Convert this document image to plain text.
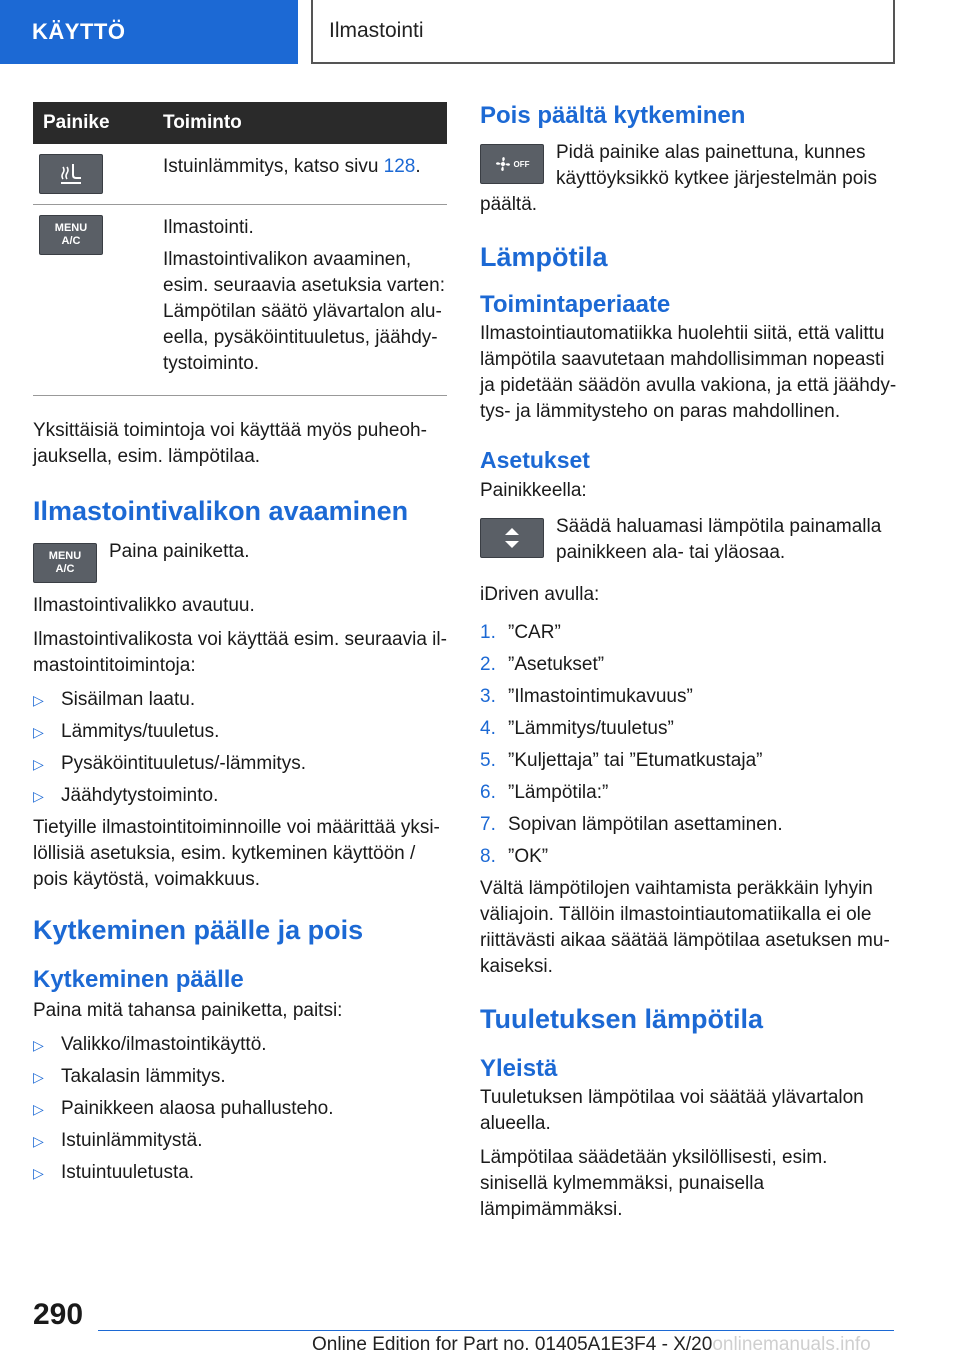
KÄYTTÖ	Ilmastointi
Painike	Toiminto

Istuinlämmitys, katso sivu 128.

MENU
A/C

Ilmastointi.

Ilmastointivalikon avaaminen, esim. seuraavia asetuksia varten: Lämpötilan säätö ylävartalon alueella, pysäköintituuletus, jäähdytystoiminto.

Yksittäisiä toimintoja voi käyttää myös puheohjauksella, esim. lämpötilaa.

Ilmastointivalikon avaaminen
MENU
A/C

Paina painiketta.

Ilmastointivalikko avautuu.

Ilmastointivalikosta voi käyttää esim. seuraavia ilmastointitoimintoja:

▷ Sisäilman laatu.
▷ Lämmitys/tuuletus.
▷ Pysäköintituuletus/-lämmitys.
▷ Jäähdytystoiminto.

Tietyille ilmastointitoiminnoille voi määrittää yksilöllisiä asetuksia, esim. kytkeminen käyttöön / pois käytöstä, voimakkuus.

Kytkeminen päälle ja pois
Kytkeminen päälle

Paina mitä tahansa painiketta, paitsi:

▷ Valikko/ilmastointikäyttö.
▷ Takalasin lämmitys.
▷ Painikkeen alaosa puhallusteho.
▷ Istuinlämmitystä.
▷ Istuintuuletusta.
Pois päältä kytkeminen
OFF

Pidä painike alas painettuna, kunnes käyttöyksikkö kytkee järjestelmän pois päältä.

Lämpötila
Toimintaperiaate

Ilmastointiautomatiikka huolehtii siitä, että valittu lämpötila saavutetaan mahdollisimman nopeasti ja pidetään säädön avulla vakiona, ja että jäähdytys- ja lämmitysteho on paras mahdollinen.

Asetukset

Painikkeella:

Säädä haluamasi lämpötila painamalla painikkeen ala- tai yläosaa.

iDriven avulla:

1. ”CAR”
2. ”Asetukset”
3. ”Ilmastointimukavuus”
4. ”Lämmitys/tuuletus”
5. ”Kuljettaja” tai ”Etumatkustaja”
6. ”Lämpötila:”
7. Sopivan lämpötilan asettaminen.
8. ”OK”

Vältä lämpötilojen vaihtamista peräkkäin lyhyin väliajoin. Tällöin ilmastointiautomatiikalla ei ole riittävästi aikaa säätää lämpötilaa asetuksen mukaiseksi.

Tuuletuksen lämpötila
Yleistä

Tuuletuksen lämpötilaa voi säätää ylävartalon alueella.

Lämpötilaa säädetään yksilöllisesti, esim. sinisellä kylmemmäksi, punaisella lämpimämmäksi.

290
Online Edition for Part no. 01405A1E3F4 - X/20onlinemanuals.info
